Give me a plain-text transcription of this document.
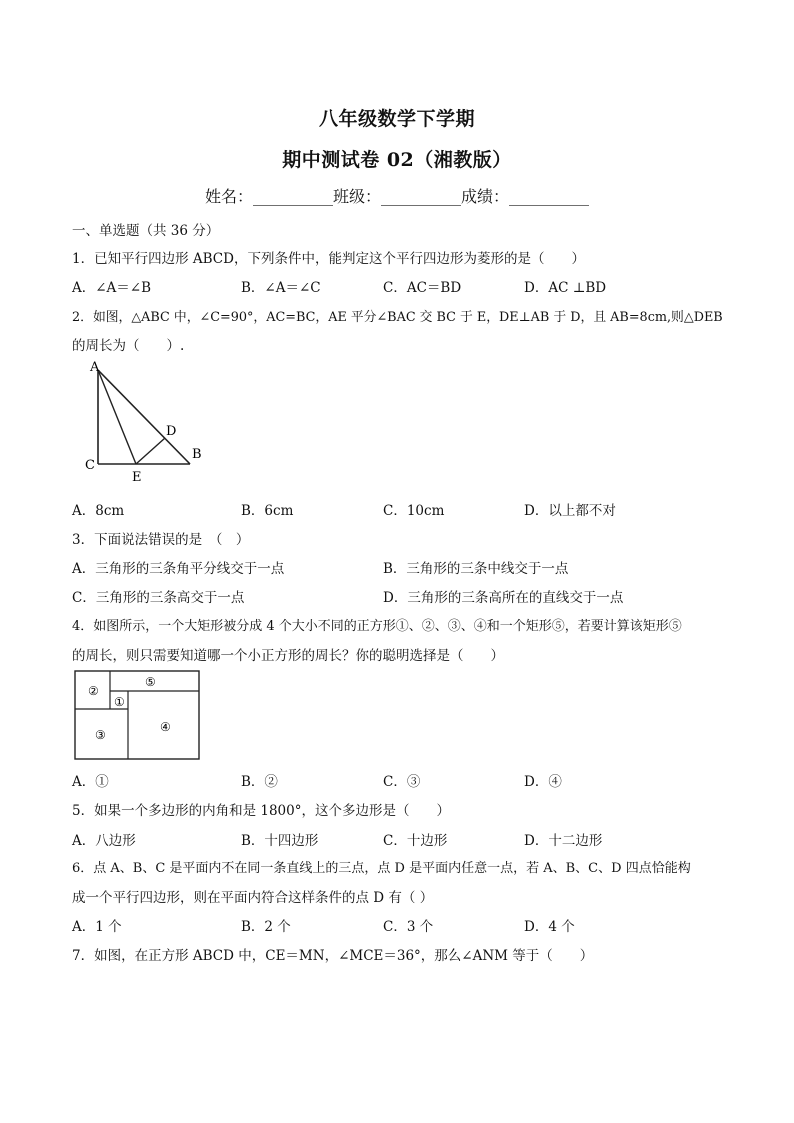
八年级数学下学期
期中测试卷 02（湘教版）
姓名：__________班级：__________成绩：__________
一、单选题（共 36 分）
1．已知平行四边形 ABCD，下列条件中，能判定这个平行四边形为菱形的是（　　）
A．∠A＝∠B	B．∠A＝∠C	C．AC＝BD	D．AC ⊥BD
2．如图，△ABC 中，∠C=90°，AC=BC，AE 平分∠BAC 交 BC 于 E，DE⊥AB 于 D，且 AB=8cm,则△DEB
的周长为（　　）.
A
B
C
D
E
A．8cm	B．6cm	C．10cm	D．以上都不对
3．下面说法错误的是　（　）
A．三角形的三条角平分线交于一点	B．三角形的三条中线交于一点
C．三角形的三条高交于一点	D．三角形的三条高所在的直线交于一点
4．如图所示，一个大矩形被分成 4 个大小不同的正方形①、②、③、④和一个矩形⑤，若要计算该矩形⑤
的周长，则只需要知道哪一个小正方形的周长？你的聪明选择是（　　）
②
①
⑤
③
④
A．①	B．②	C．③	D．④
5．如果一个多边形的内角和是 1800°，这个多边形是（　　）
A．八边形	B．十四边形	C．十边形	D．十二边形
6．点 A、B、C 是平面内不在同一条直线上的三点，点 D 是平面内任意一点，若 A、B、C、D 四点恰能构
成一个平行四边形，则在平面内符合这样条件的点 D 有（ ）
A．1 个	B．2 个	C．3 个	D．4 个
7．如图，在正方形 ABCD 中，CE＝MN，∠MCE＝36°，那么∠ANM 等于（　　）
